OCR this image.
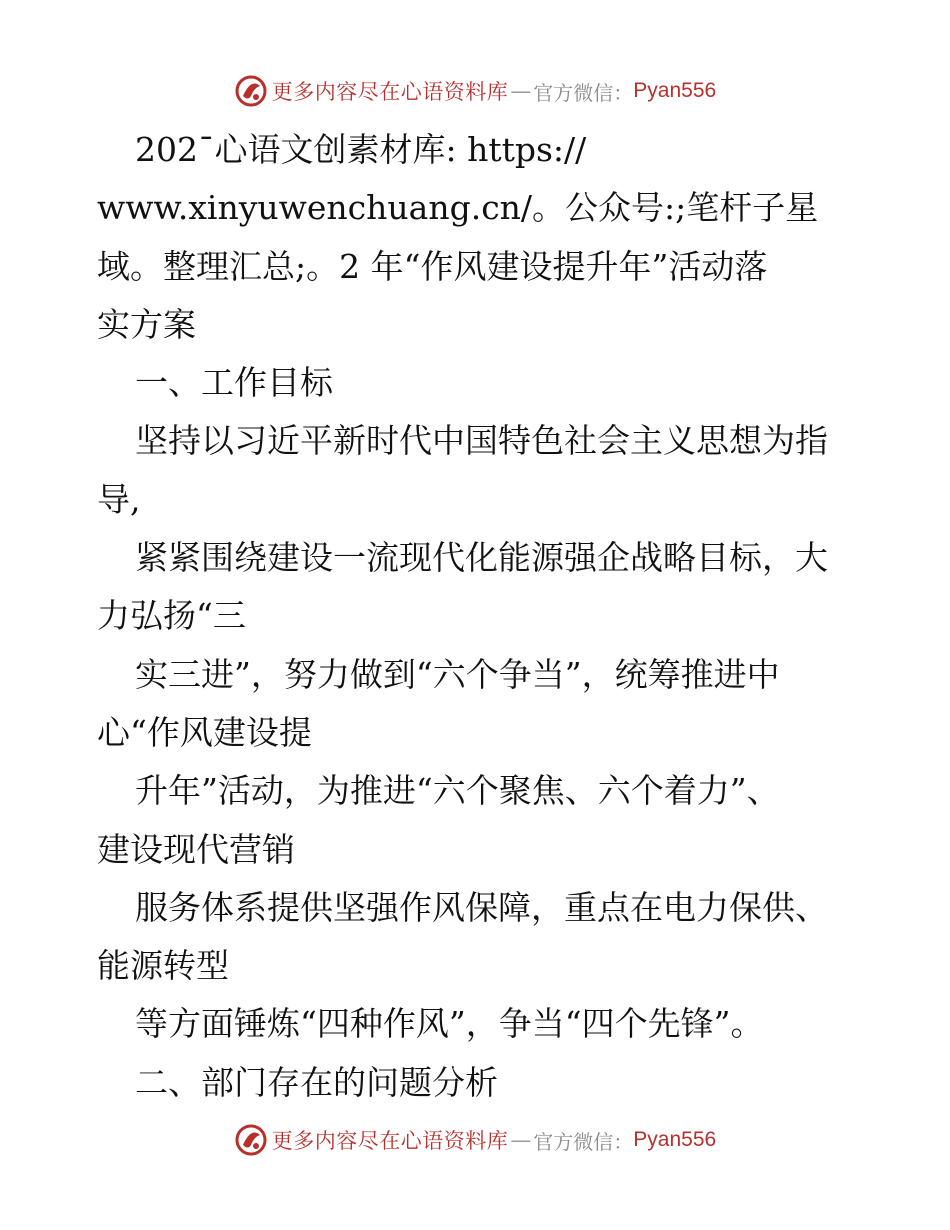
更多内容尽在心语资料库 — 官方微信： Pyan556
202¯心语文创素材库: https://
www.xinyuwenchuang.cn/。公众号:;笔杆子星
域。整理汇总;。2 年“作风建设提升年”活动落
实方案
一、工作目标
坚持以习近平新时代中国特色社会主义思想为指
导,
紧紧围绕建设一流现代化能源强企战略目标，大
力弘扬“三
实三进”，努力做到“六个争当”，统筹推进中
心“作风建设提
升年”活动，为推进“六个聚焦、六个着力”、
建设现代营销
服务体系提供坚强作风保障，重点在电力保供、
能源转型
等方面锤炼“四种作风”，争当“四个先锋”。
二、部门存在的问题分析
更多内容尽在心语资料库 — 官方微信： Pyan556
